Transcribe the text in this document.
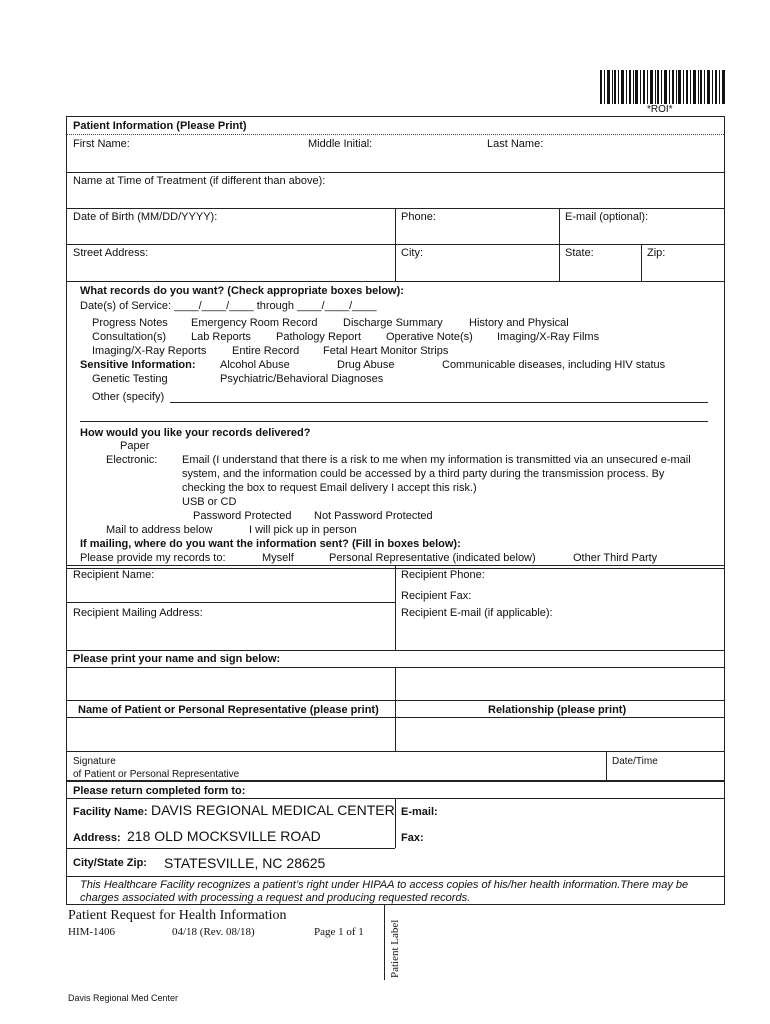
*ROI*
Patient Information (Please Print)
First Name:	Middle Initial:	Last Name:
Name at Time of Treatment (if different than above):
Date of Birth (MM/DD/YYYY):	Phone:	E-mail (optional):
Street Address:	City:	State:	Zip:
What records do you want? (Check appropriate boxes below):
Date(s) of Service: ____/____/____ through ____/____/____
Progress Notes Emergency Room Record Discharge Summary History and Physical
Consultation(s) Lab Reports Pathology Report Operative Note(s) Imaging/X-Ray Films
Imaging/X-Ray Reports Entire Record Fetal Heart Monitor Strips
Sensitive Information: Alcohol Abuse	Drug Abuse	Communicable diseases, including HIV status
Genetic Testing	Psychiatric/Behavioral Diagnoses
Other (specify)
How would you like your records delivered?
Paper
Electronic: Email (I understand that there is a risk to me when my information is transmitted via an unsecured e-mail
system, and the information could be accessed by a third party during the transmission process. By
checking the box to request Email delivery I accept this risk.)
USB or CD
Password Protected Not Password Protected
Mail to address below	I will pick up in person
If mailing, where do you want the information sent? (Fill in boxes below):
Please provide my records to:	Myself	Personal Representative (indicated below)	Other Third Party
Recipient Name:	Recipient Phone:
Recipient Fax:
Recipient Mailing Address:	Recipient E-mail (if applicable):
Please print your name and sign below:
Name of Patient or Personal Representative (please print)	Relationship (please print)
Signature
of Patient or Personal Representative
Date/Time
Please return completed form to:
Facility Name: DAVIS REGIONAL MEDICAL CENTER E-mail:
Address: 218 OLD MOCKSVILLE ROAD	Fax:
City/State Zip: STATESVILLE, NC 28625
This Healthcare Facility recognizes a patient’s right under HIPAA to access copies of his/her health information.There may be
charges associated with processing a request and producing requested records.
Patient Request for Health Information
HIM-1406	04/18 (Rev. 08/18)	Page 1 of 1 Patient Label
Davis Regional Med Center
